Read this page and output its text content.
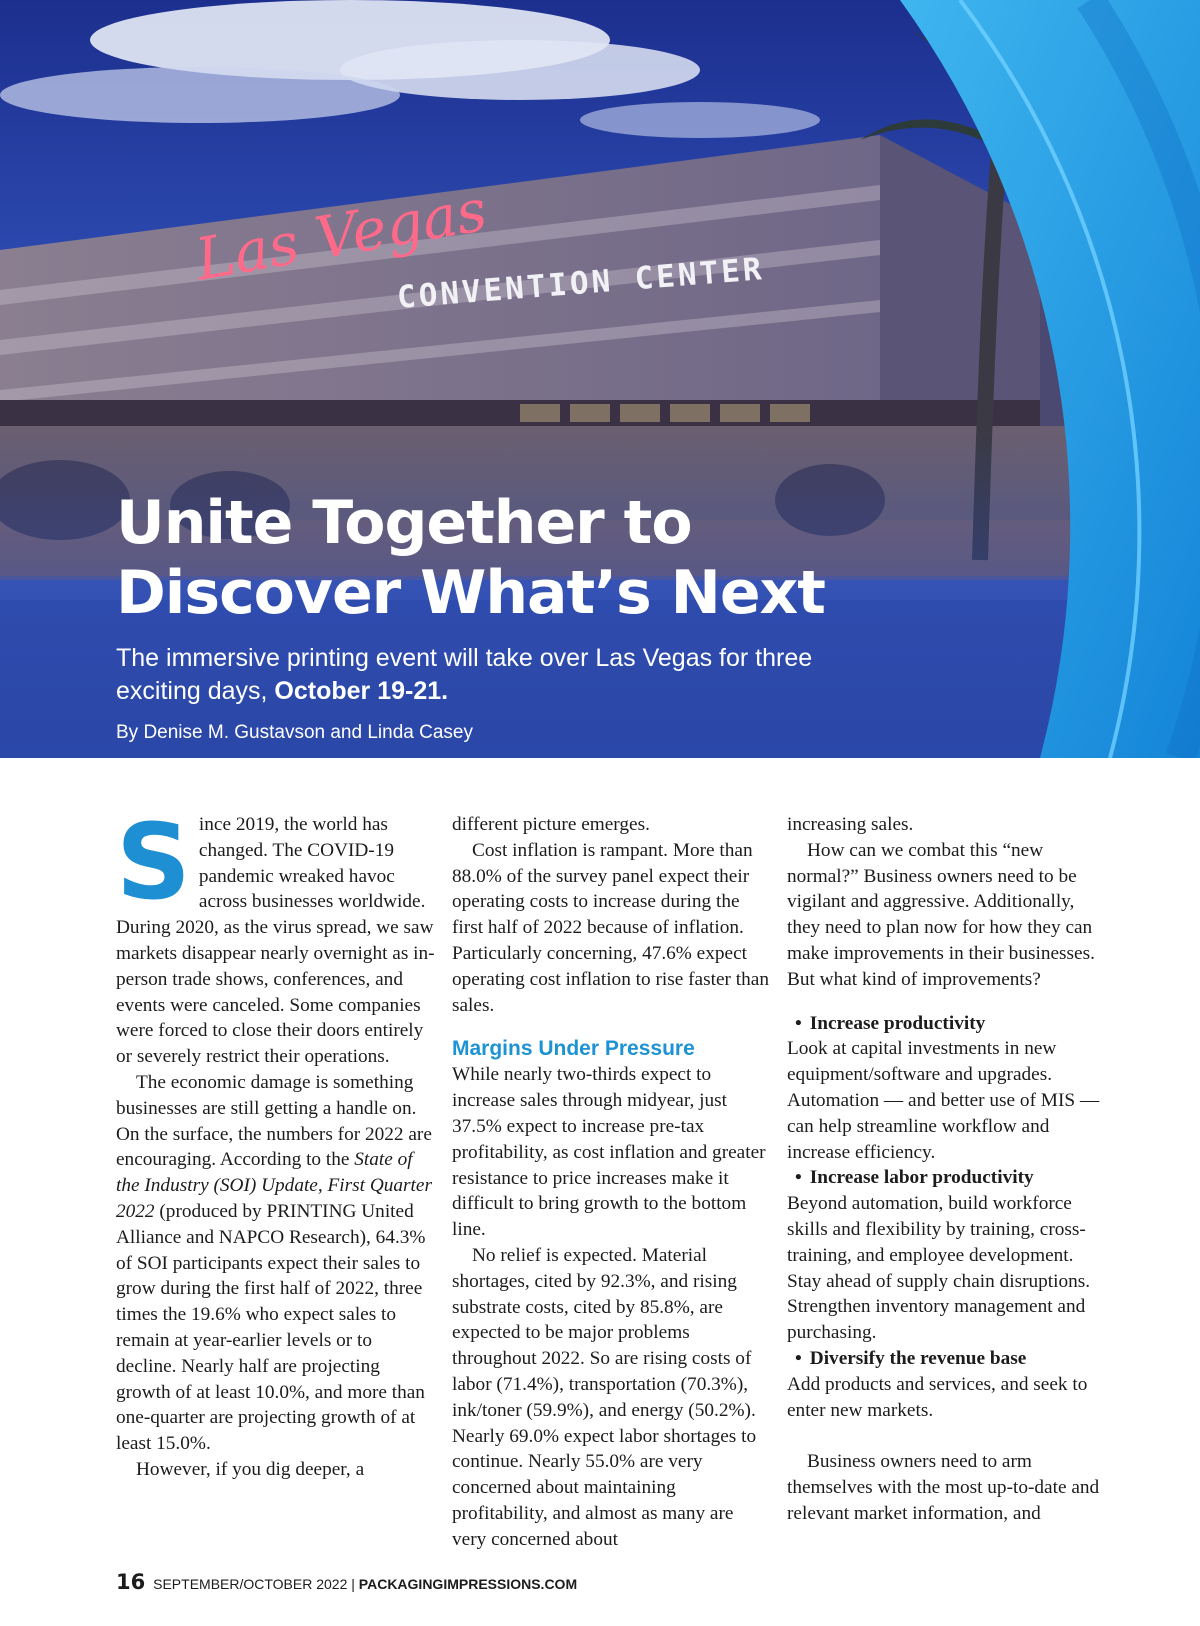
Las Vegas
CONVENTION CENTER
Unite Together to
Discover What’s Next

The immersive printing event will take over Las Vegas for three exciting days, October 19-21.

By Denise M. Gustavson and Linda Casey
S ince 2019, the world has changed. The COVID-19 pandemic wreaked havoc across businesses worldwide. During 2020, as the virus spread, we saw markets disappear nearly overnight as in-person trade shows, conferences, and events were canceled. Some companies were forced to close their doors entirely or severely restrict their operations.

The economic damage is something businesses are still getting a handle on. On the surface, the numbers for 2022 are encouraging. According to the State of the Industry (SOI) Update, First Quarter 2022 (produced by PRINTING United Alliance and NAPCO Research), 64.3% of SOI participants expect their sales to grow during the first half of 2022, three times the 19.6% who expect sales to remain at year-earlier levels or to decline. Nearly half are projecting growth of at least 10.0%, and more than one-quarter are projecting growth of at least 15.0%.

However, if you dig deeper, a

different picture emerges.

Cost inflation is rampant. More than 88.0% of the survey panel expect their operating costs to increase during the first half of 2022 because of inflation. Particularly concerning, 47.6% expect operating cost inflation to rise faster than sales.

Margins Under Pressure

While nearly two-thirds expect to increase sales through midyear, just 37.5% expect to increase pre-tax profitability, as cost inflation and greater resistance to price increases make it difficult to bring growth to the bottom line.

No relief is expected. Material shortages, cited by 92.3%, and rising substrate costs, cited by 85.8%, are expected to be major problems throughout 2022. So are rising costs of labor (71.4%), transportation (70.3%), ink/toner (59.9%), and energy (50.2%). Nearly 69.0% expect labor shortages to continue. Nearly 55.0% are very concerned about maintaining profitability, and almost as many are very concerned about

increasing sales.

How can we combat this “new normal?” Business owners need to be vigilant and aggressive. Additionally, they need to plan now for how they can make improvements in their businesses. But what kind of improvements?

• Increase productivity

Look at capital investments in new equipment/software and upgrades. Automation — and better use of MIS — can help streamline workflow and increase efficiency.

• Increase labor productivity

Beyond automation, build workforce skills and flexibility by training, cross-training, and employee development. Stay ahead of supply chain disruptions. Strengthen inventory management and purchasing.

• Diversify the revenue base

Add products and services, and seek to enter new markets.

Business owners need to arm themselves with the most up-to-date and relevant market information, and

16 SEPTEMBER/OCTOBER 2022 | PACKAGINGIMPRESSIONS.COM
